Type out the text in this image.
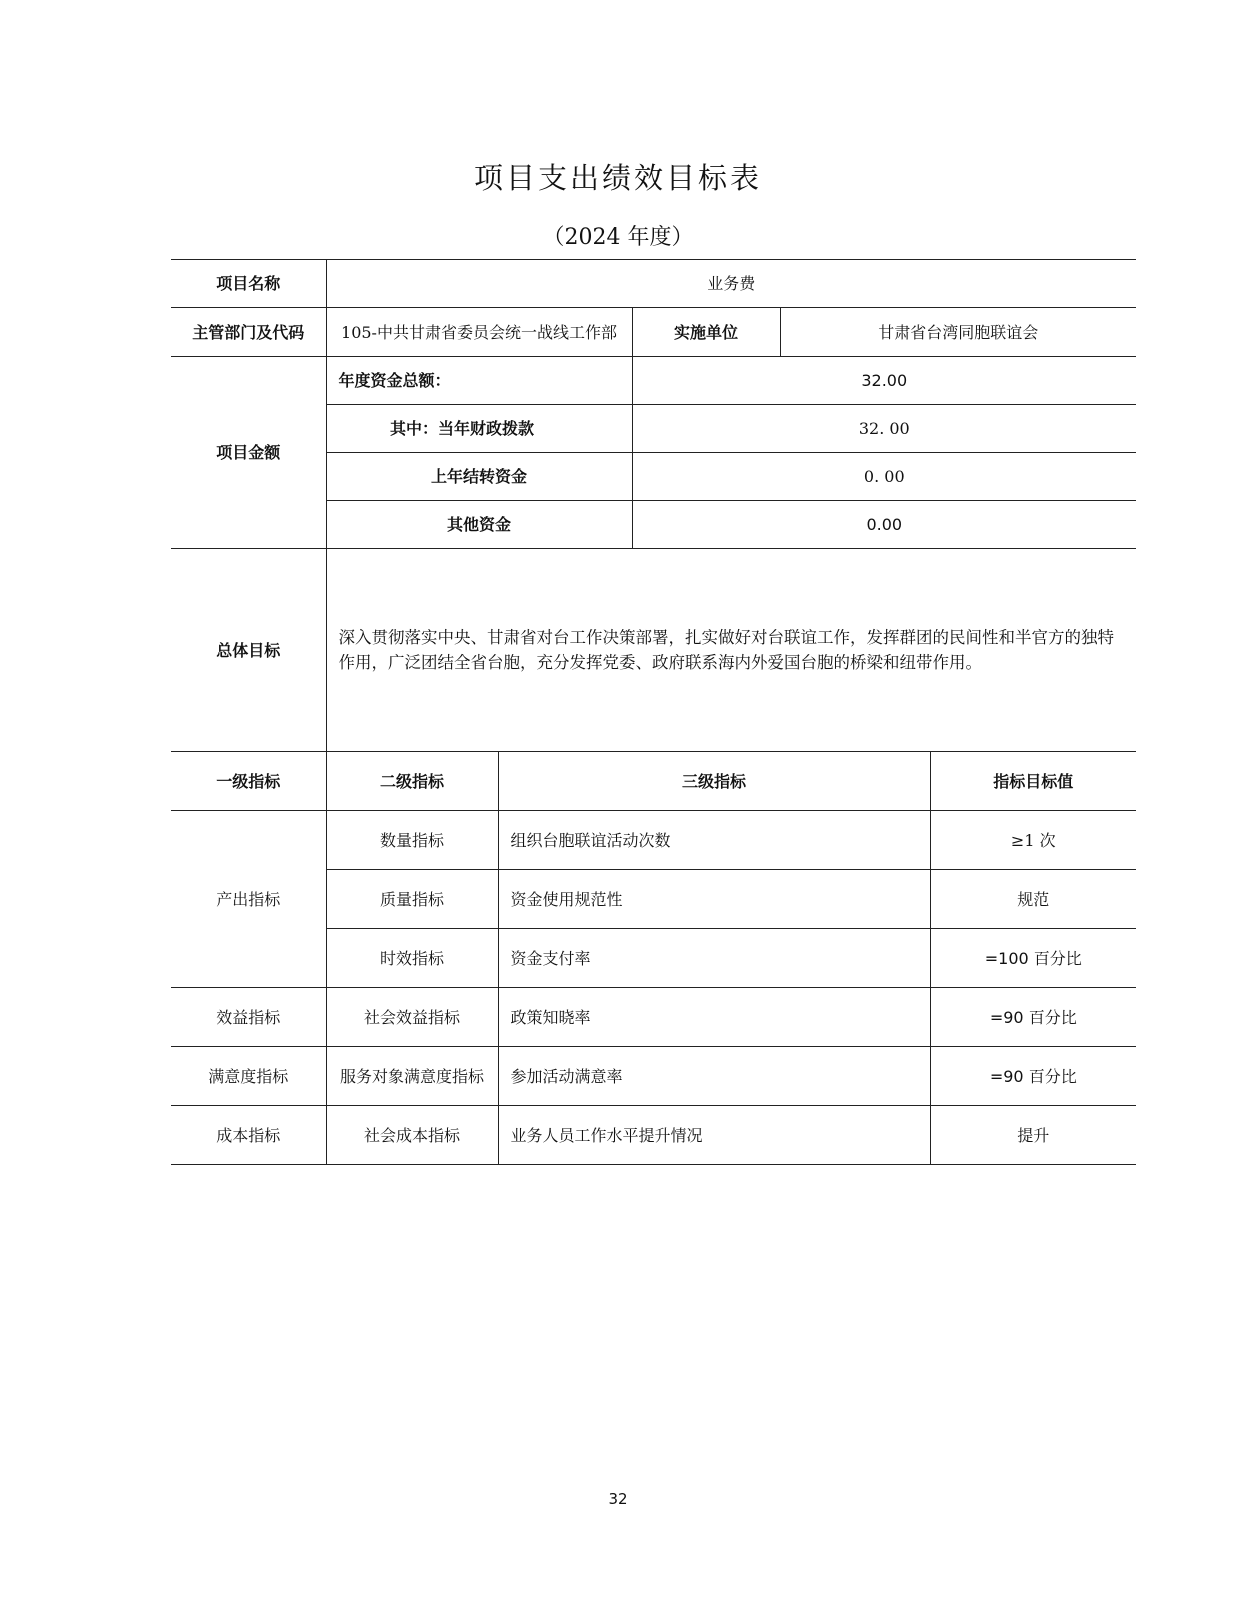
项目支出绩效目标表
（2024 年度）
项目名称	业务费				
主管部门及代码	105-中共甘肃省委员会统一战线工作部		实施单位	甘肃省台湾同胞联谊会	
项目金额	年度资金总额：		32.00		
	其中：当年财政拨款		32. 00		
	上年结转资金		0. 00		
	其他资金		0.00		
总体目标	深入贯彻落实中央、甘肃省对台工作决策部署，扎实做好对台联谊工作，发挥群团的民间性和半官方的独特作用，广泛团结全省台胞，充分发挥党委、政府联系海内外爱国台胞的桥梁和纽带作用。				
一级指标	二级指标	三级指标			指标目标值
产出指标	数量指标	组织台胞联谊活动次数			≥1 次
	质量指标	资金使用规范性			规范
	时效指标	资金支付率			=100 百分比
效益指标	社会效益指标	政策知晓率			=90 百分比
满意度指标	服务对象满意度指标	参加活动满意率			=90 百分比
成本指标	社会成本指标	业务人员工作水平提升情况			提升
32
